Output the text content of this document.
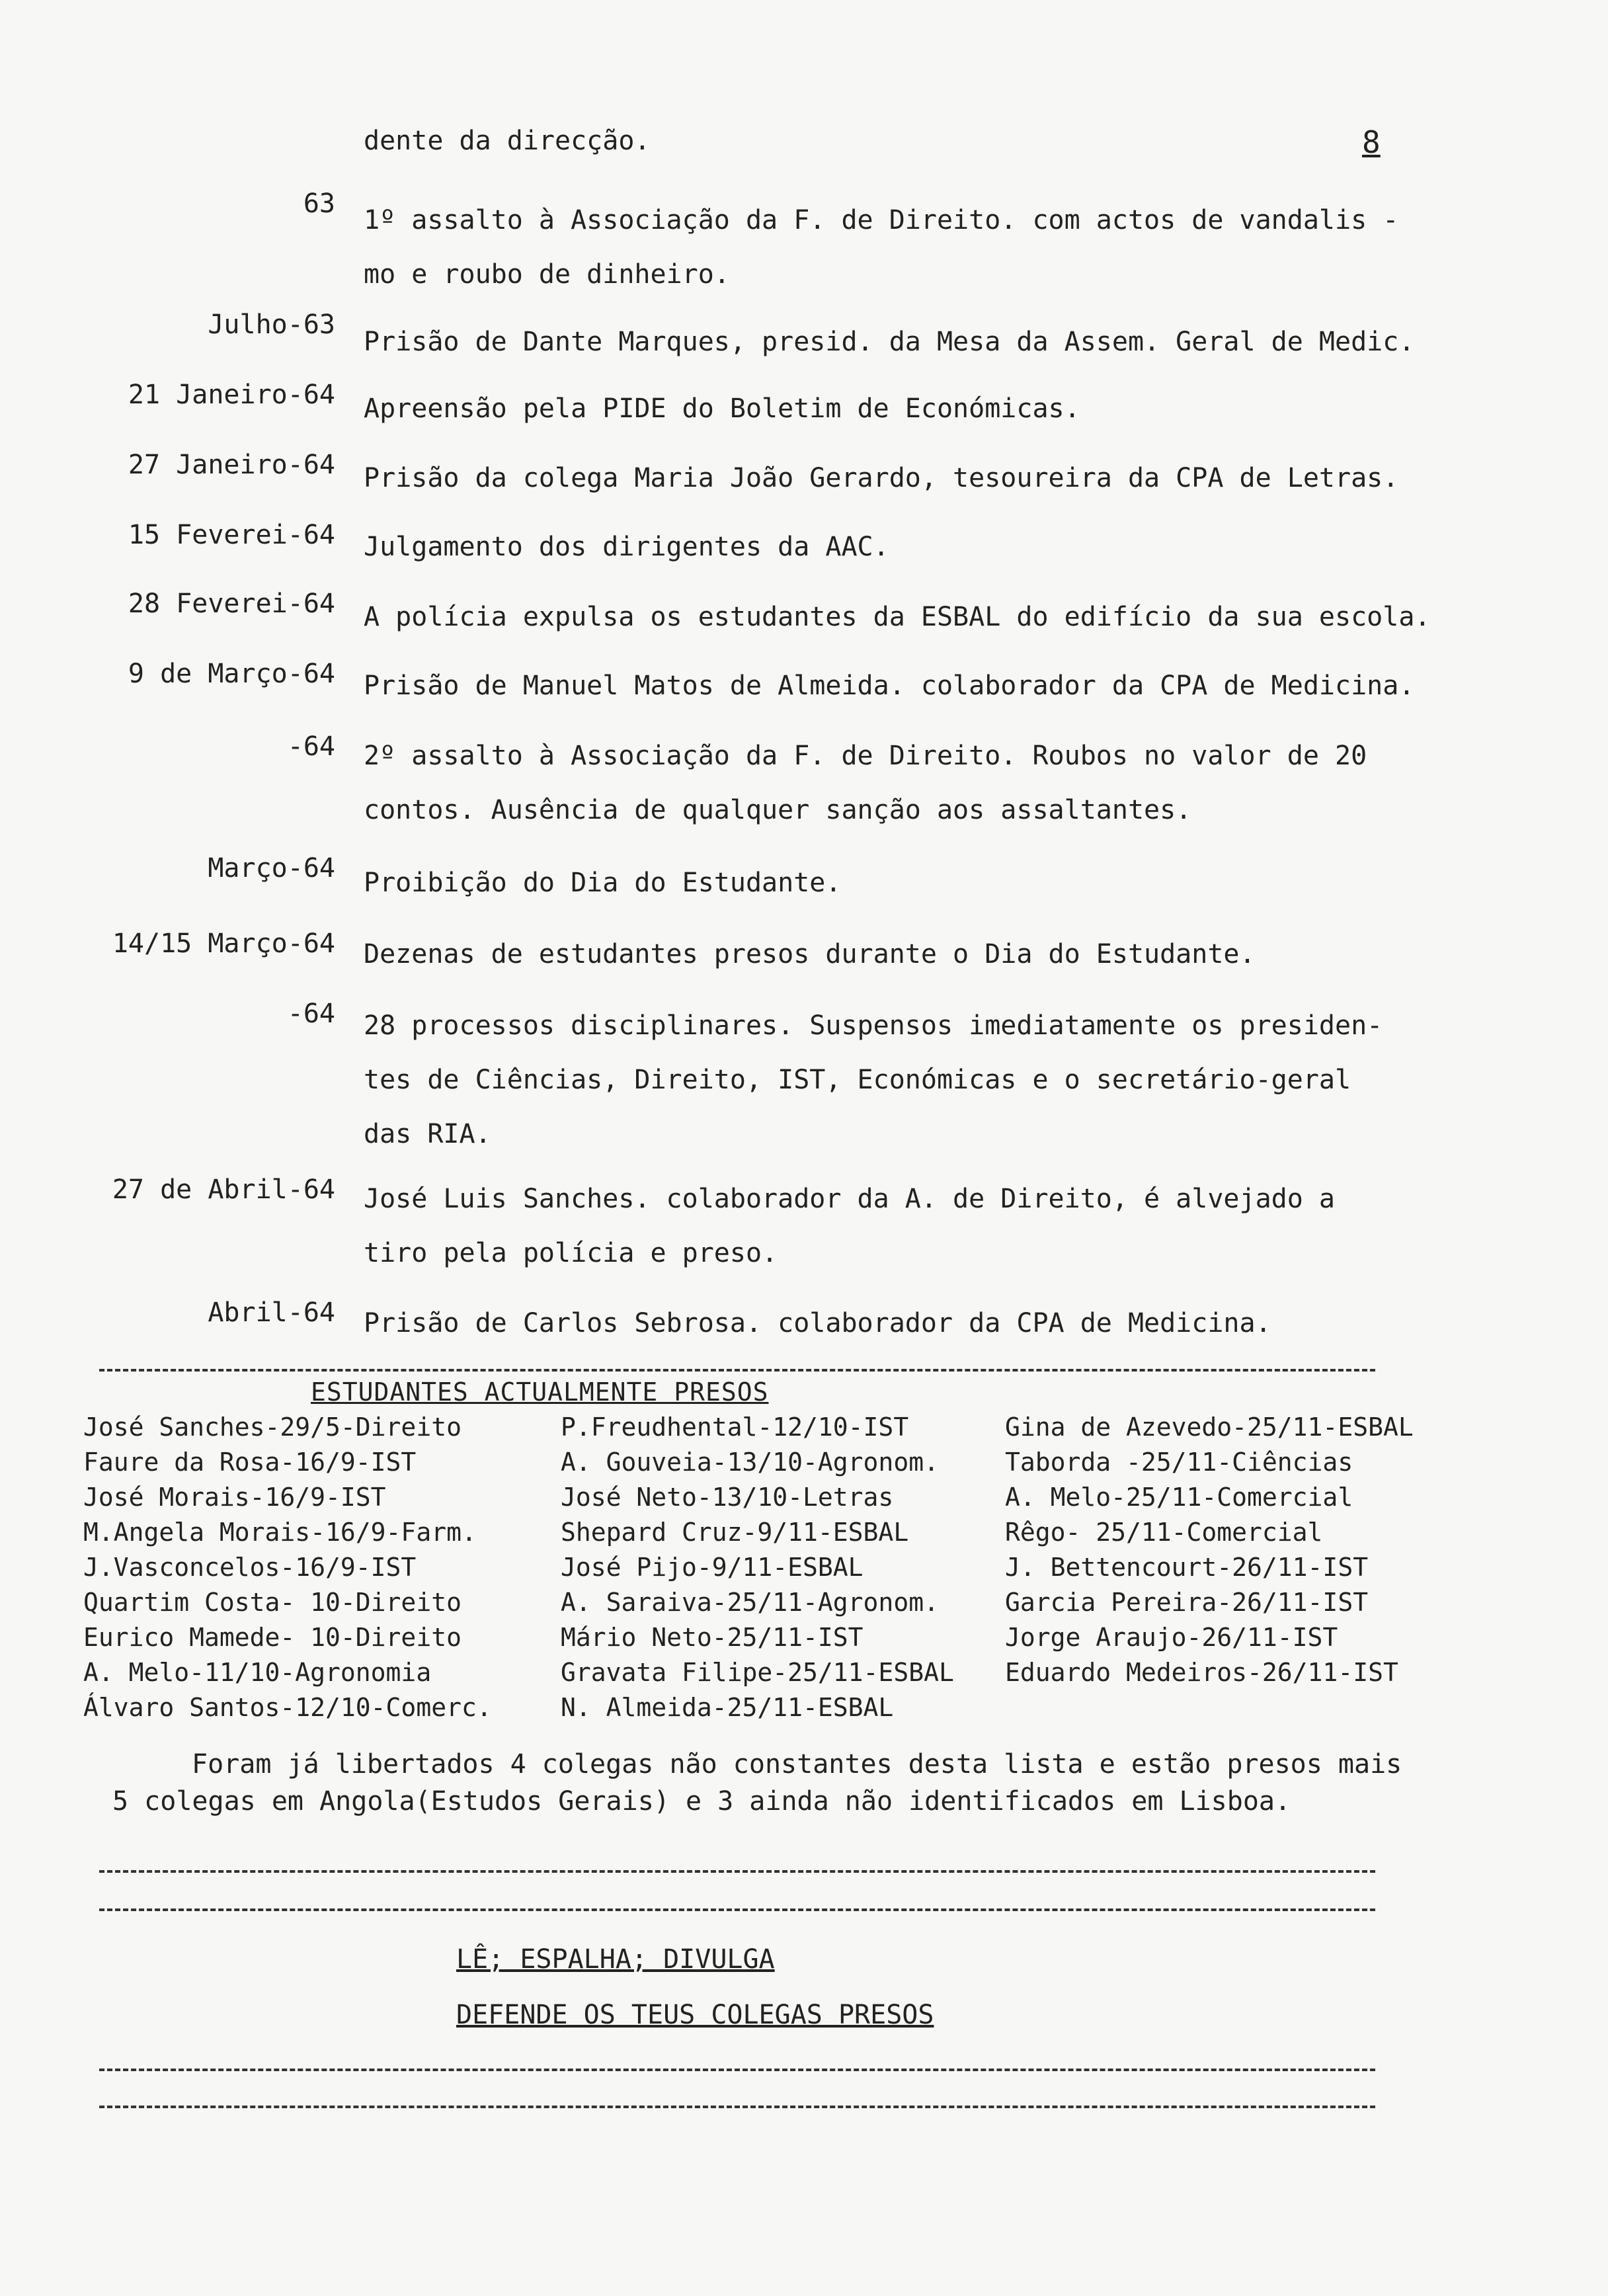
8
dente da direcção.
63
1º assalto à Associação da F. de Direito. com actos de vandalis -
mo e roubo de dinheiro.
Julho-63
Prisão de Dante Marques, presid. da Mesa da Assem. Geral de Medic.
21 Janeiro-64 Apreensão pela PIDE do Boletim de Económicas.
27 Janeiro-64 Prisão da colega Maria João Gerardo, tesoureira da CPA de Letras.
15 Feverei-64 Julgamento dos dirigentes da AAC.
28 Feverei-64 A polícia expulsa os estudantes da ESBAL do edifício da sua escola.
9 de Março-64 Prisão de Manuel Matos de Almeida. colaborador da CPA de Medicina.
-64 2º assalto à Associação da F. de Direito. Roubos no valor de 20
contos. Ausência de qualquer sanção aos assaltantes.
Março-64 Proibição do Dia do Estudante.
14/15 Março-64 Dezenas de estudantes presos durante o Dia do Estudante.
-64 28 processos disciplinares. Suspensos imediatamente os presiden-
tes de Ciências, Direito, IST, Económicas e o secretário-geral
das RIA.
27 de Abril-64 José Luis Sanches. colaborador da A. de Direito, é alvejado a
tiro pela polícia e preso.
Abril-64 Prisão de Carlos Sebrosa. colaborador da CPA de Medicina.
ESTUDANTES ACTUALMENTE PRESOS
José Sanches-29/5-Direito
Faure da Rosa-16/9-IST
José Morais-16/9-IST
M.Angela Morais-16/9-Farm.
J.Vasconcelos-16/9-IST
Quartim Costa- 10-Direito
Eurico Mamede- 10-Direito
A. Melo-11/10-Agronomia
Álvaro Santos-12/10-Comerc.
P.Freudhental-12/10-IST
A. Gouveia-13/10-Agronom.
José Neto-13/10-Letras
Shepard Cruz-9/11-ESBAL
José Pijo-9/11-ESBAL
A. Saraiva-25/11-Agronom.
Mário Neto-25/11-IST
Gravata Filipe-25/11-ESBAL
N. Almeida-25/11-ESBAL
Gina de Azevedo-25/11-ESBAL
Taborda -25/11-Ciências
A. Melo-25/11-Comercial
Rêgo- 25/11-Comercial
J. Bettencourt-26/11-IST
Garcia Pereira-26/11-IST
Jorge Araujo-26/11-IST
Eduardo Medeiros-26/11-IST
Foram já libertados 4 colegas não constantes desta lista e estão presos mais
5 colegas em Angola(Estudos Gerais) e 3 ainda não identificados em Lisboa.
LÊ; ESPALHA; DIVULGA
DEFENDE OS TEUS COLEGAS PRESOS
